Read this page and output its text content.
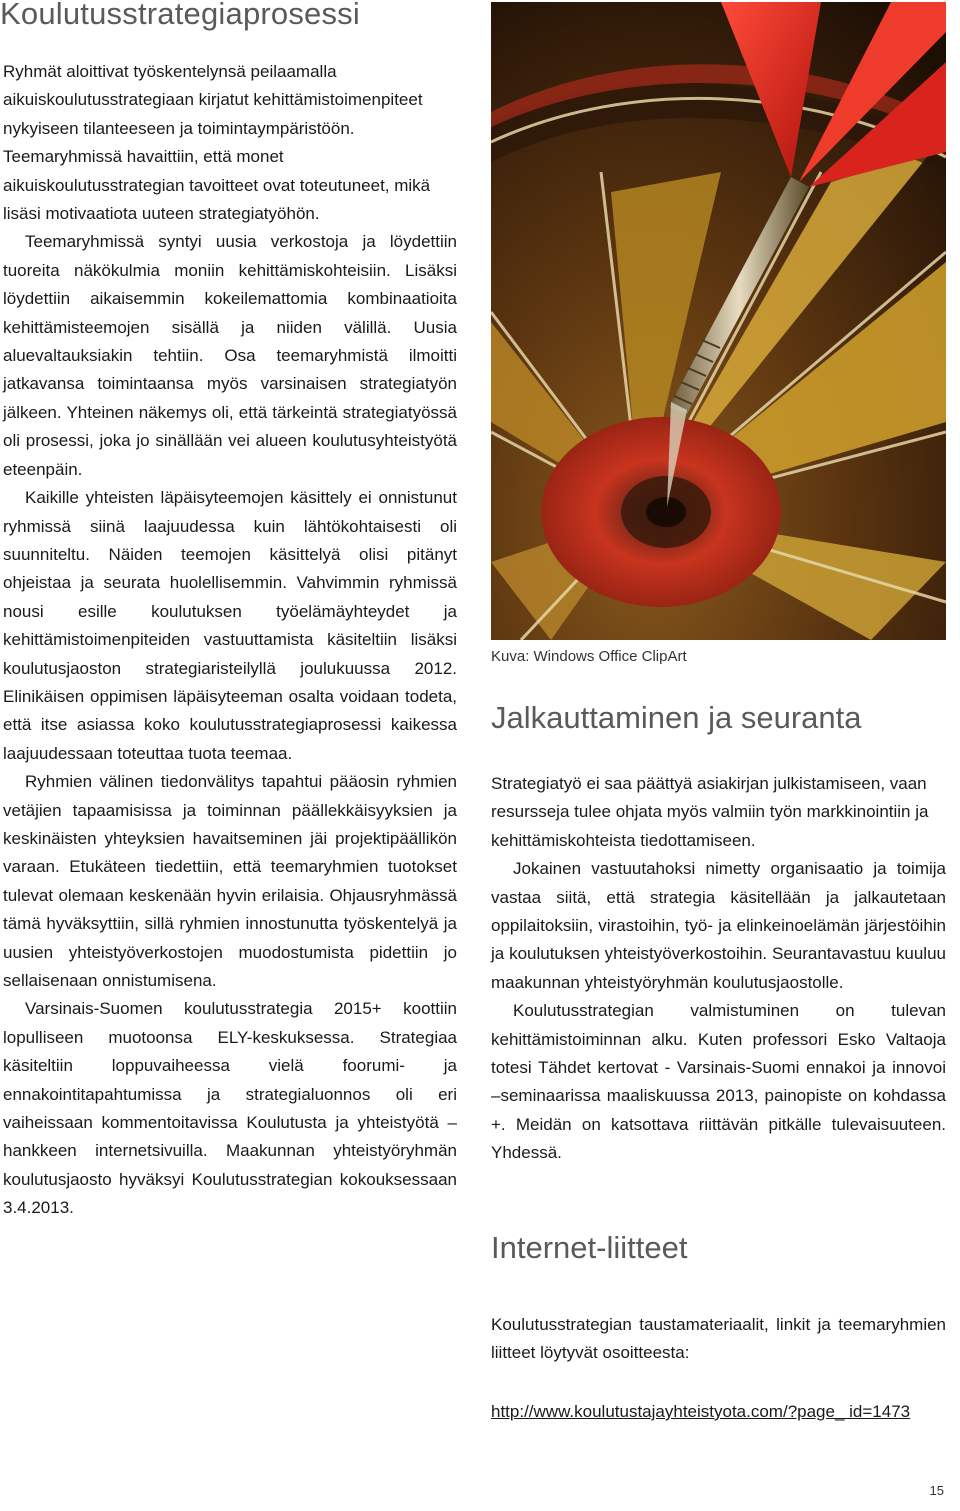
Koulutusstrategiaprosessi

Ryhmät aloittivat työskentelynsä peilaamalla aikuiskoulutusstrategiaan kirjatut kehittämistoimenpiteet nykyiseen tilanteeseen ja toimintaympäristöön. Teemaryhmissä havaittiin, että monet aikuiskoulutusstrategian tavoitteet ovat toteutuneet, mikä lisäsi motivaatiota uuteen strategiatyöhön.

Teemaryhmissä syntyi uusia verkostoja ja löydettiin tuoreita näkökulmia moniin kehittämiskohteisiin. Lisäksi löydettiin aikaisemmin kokeilemattomia kombinaatioita kehittämisteemojen sisällä ja niiden välillä. Uusia aluevaltauksiakin tehtiin. Osa teemaryhmistä ilmoitti jatkavansa toimintaansa myös varsinaisen strategiatyön jälkeen. Yhteinen näkemys oli, että tärkeintä strategiatyössä oli prosessi, joka jo sinällään vei alueen koulutusyhteistyötä eteenpäin.

Kaikille yhteisten läpäisyteemojen käsittely ei onnistunut ryhmissä siinä laajuudessa kuin lähtökohtaisesti oli suunniteltu. Näiden teemojen käsittelyä olisi pitänyt ohjeistaa ja seurata huolellisemmin. Vahvimmin ryhmissä nousi esille koulutuksen työelämäyhteydet ja kehittämistoimenpiteiden vastuuttamista käsiteltiin lisäksi koulutusjaoston strategiaristeilyllä joulukuussa 2012. Elinikäisen oppimisen läpäisyteeman osalta voidaan todeta, että itse asiassa koko koulutusstrategiaprosessi kaikessa laajuudessaan toteuttaa tuota teemaa.

Ryhmien välinen tiedonvälitys tapahtui pääosin ryhmien vetäjien tapaamisissa ja toiminnan päällekkäisyyksien ja keskinäisten yhteyksien havaitseminen jäi projektipäällikön varaan. Etukäteen tiedettiin, että teemaryhmien tuotokset tulevat olemaan keskenään hyvin erilaisia. Ohjausryhmässä tämä hyväksyttiin, sillä ryhmien innostunutta työskentelyä ja uusien yhteistyöverkostojen muodostumista pidettiin jo sellaisenaan onnistumisena.

Varsinais-Suomen koulutusstrategia 2015+ koottiin lopulliseen muotoonsa ELY-keskuksessa. Strategiaa käsiteltiin loppuvaiheessa vielä foorumi- ja ennakointitapahtumissa ja strategialuonnos oli eri vaiheissaan kommentoitavissa Koulutusta ja yhteistyötä –hankkeen internetsivuilla. Maakunnan yhteistyöryhmän koulutusjaosto hyväksyi Koulutusstrategian kokouksessaan 3.4.2013.

Kuva: Windows Office ClipArt
Jalkauttaminen ja seuranta

Strategiatyö ei saa päättyä asiakirjan julkistamiseen, vaan resursseja tulee ohjata myös valmiin työn markkinointiin ja kehittämiskohteista tiedottamiseen.

Jokainen vastuutahoksi nimetty organisaatio ja toimija vastaa siitä, että strategia käsitellään ja jalkautetaan oppilaitoksiin, virastoihin, työ- ja elinkeinoelämän järjestöihin ja koulutuksen yhteistyöverkostoihin. Seurantavastuu kuuluu maakunnan yhteistyöryhmän koulutusjaostolle.

Koulutusstrategian valmistuminen on tulevan kehittämistoiminnan alku. Kuten professori Esko Valtaoja totesi Tähdet kertovat - Varsinais-Suomi ennakoi ja innovoi –seminaarissa maaliskuussa 2013, painopiste on kohdassa +. Meidän on katsottava riittävän pitkälle tulevaisuuteen. Yhdessä.

Internet-liitteet

Koulutusstrategian taustamateriaalit, linkit ja teemaryhmien liitteet löytyvät osoitteesta:

http://www.koulutustajayhteistyota.com/?page_ id=1473
15
